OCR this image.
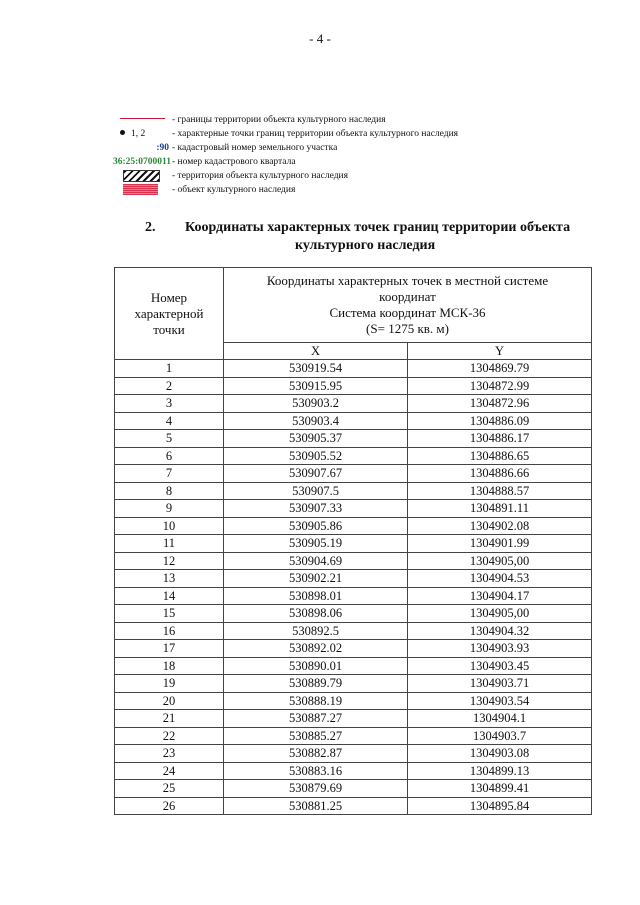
- 4 -
- границы территории объекта культурного наследия
1, 2	- характерные точки границ территории объекта культурного наследия
:90 - кадастровый номер земельного участка
36:25:0700011 - номер кадастрового квартала
- территория объекта культурного наследия
- объект культурного наследия
2. Координаты характерных точек границ территории объекта
культурного наследия
Номер
характерной
точки	Координаты характерных точек в местной системе
координат
Система координат МСК-36
(S= 1275 кв. м)	
	X	Y
1	530919.54	1304869.79
2	530915.95	1304872.99
3	530903.2	1304872.96
4	530903.4	1304886.09
5	530905.37	1304886.17
6	530905.52	1304886.65
7	530907.67	1304886.66
8	530907.5	1304888.57
9	530907.33	1304891.11
10	530905.86	1304902.08
11	530905.19	1304901.99
12	530904.69	1304905,00
13	530902.21	1304904.53
14	530898.01	1304904.17
15	530898.06	1304905,00
16	530892.5	1304904.32
17	530892.02	1304903.93
18	530890.01	1304903.45
19	530889.79	1304903.71
20	530888.19	1304903.54
21	530887.27	1304904.1
22	530885.27	1304903.7
23	530882.87	1304903.08
24	530883.16	1304899.13
25	530879.69	1304899.41
26	530881.25	1304895.84
